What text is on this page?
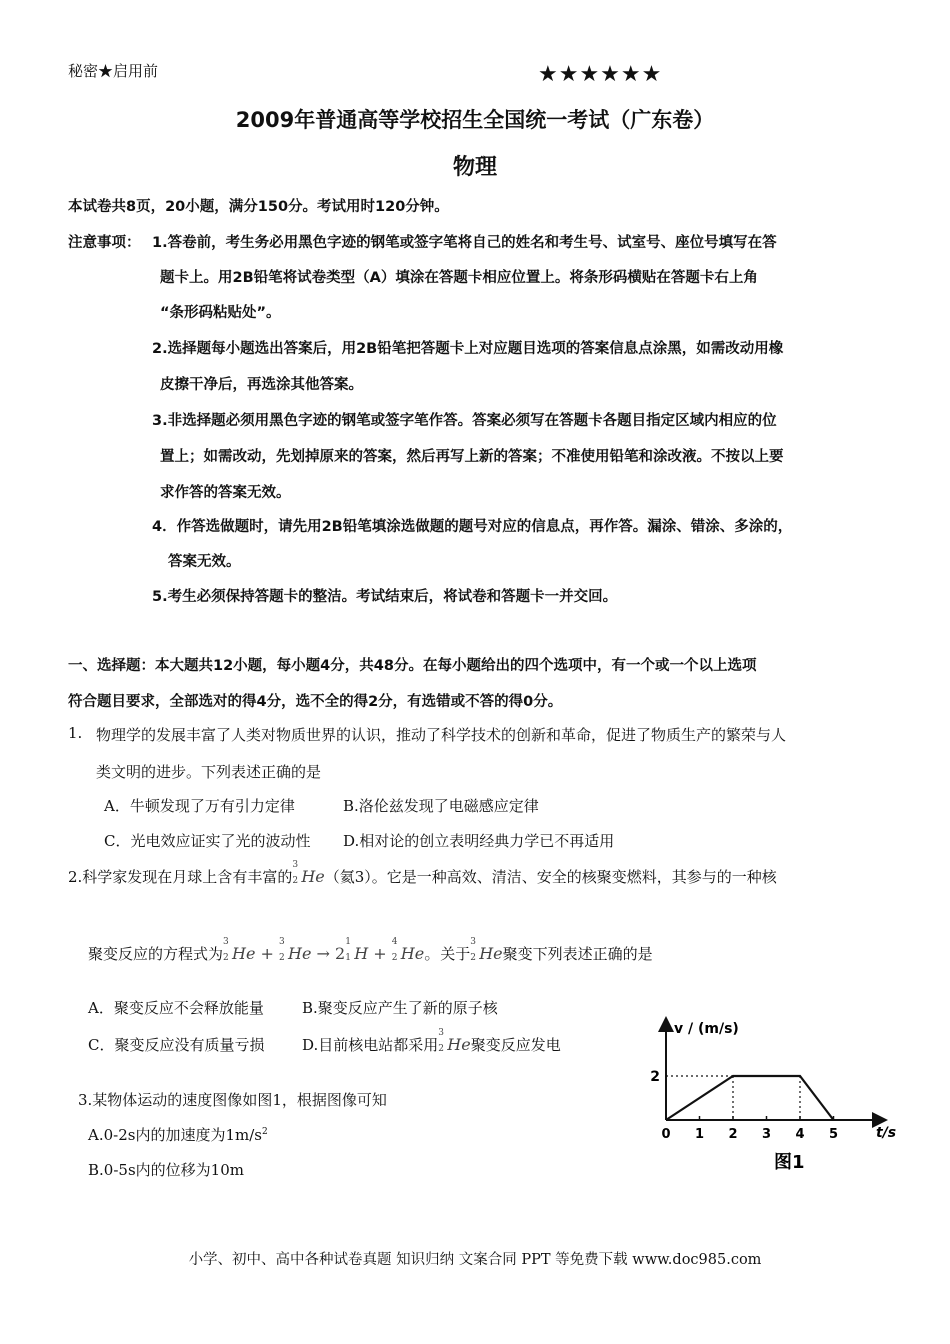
秘密★启用前	★★★★★★
2009年普通高等学校招生全国统一考试（广东卷）
物理
本试卷共8页，20小题，满分150分。考试用时120分钟。
注意事项： 1.答卷前，考生务必用黑色字迹的钢笔或签字笔将自己的姓名和考生号、试室号、座位号填写在答
题卡上。用2B铅笔将试卷类型（A）填涂在答题卡相应位置上。将条形码横贴在答题卡右上角
“条形码粘贴处”。
2.选择题每小题选出答案后，用2B铅笔把答题卡上对应题目选项的答案信息点涂黑，如需改动用橡
皮擦干净后，再选涂其他答案。
3.非选择题必须用黑色字迹的钢笔或签字笔作答。答案必须写在答题卡各题目指定区域内相应的位
置上；如需改动，先划掉原来的答案，然后再写上新的答案；不准使用铅笔和涂改液。不按以上要
求作答的答案无效。
4．作答选做题时，请先用2B铅笔填涂选做题的题号对应的信息点，再作答。漏涂、错涂、多涂的，
答案无效。
5.考生必须保持答题卡的整洁。考试结束后，将试卷和答题卡一并交回。
一、选择题：本大题共12小题，每小题4分，共48分。在每小题给出的四个选项中，有一个或一个以上选项
符合题目要求，全部选对的得4分，选不全的得2分，有选错或不答的得0分。
1. 物理学的发展丰富了人类对物质世界的认识，推动了科学技术的创新和革命，促进了物质生产的繁荣与人
类文明的进步。下列表述正确的是
A．牛顿发现了万有引力定律	B.洛伦兹发现了电磁感应定律
C．光电效应证实了光的波动性 D.相对论的创立表明经典力学已不再适用
2.科学家发现在月球上含有丰富的
3
2 He（氦3）。它是一种高效、清洁、安全的核聚变燃料，其参与的一种核
聚变反应的方程式为
3
2 He +
3
2 He → 2
1
1 H +
4
2 He。关于
3
2 He聚变下列表述正确的是
A．聚变反应不会释放能量	B.聚变反应产生了新的原子核
C．聚变反应没有质量亏损	D.目前核电站都采用
3
2 He聚变反应发电
3.某物体运动的速度图像如图1，根据图像可知
A.0-2s内的加速度为$1m/s^2$
B.0-5s内的位移为10m
v / (m/s)
t/s
图1
0 1 2 3 4 5
2
小学、初中、高中各种试卷真题 知识归纳 文案合同 PPT 等免费下载 www.doc985.com
